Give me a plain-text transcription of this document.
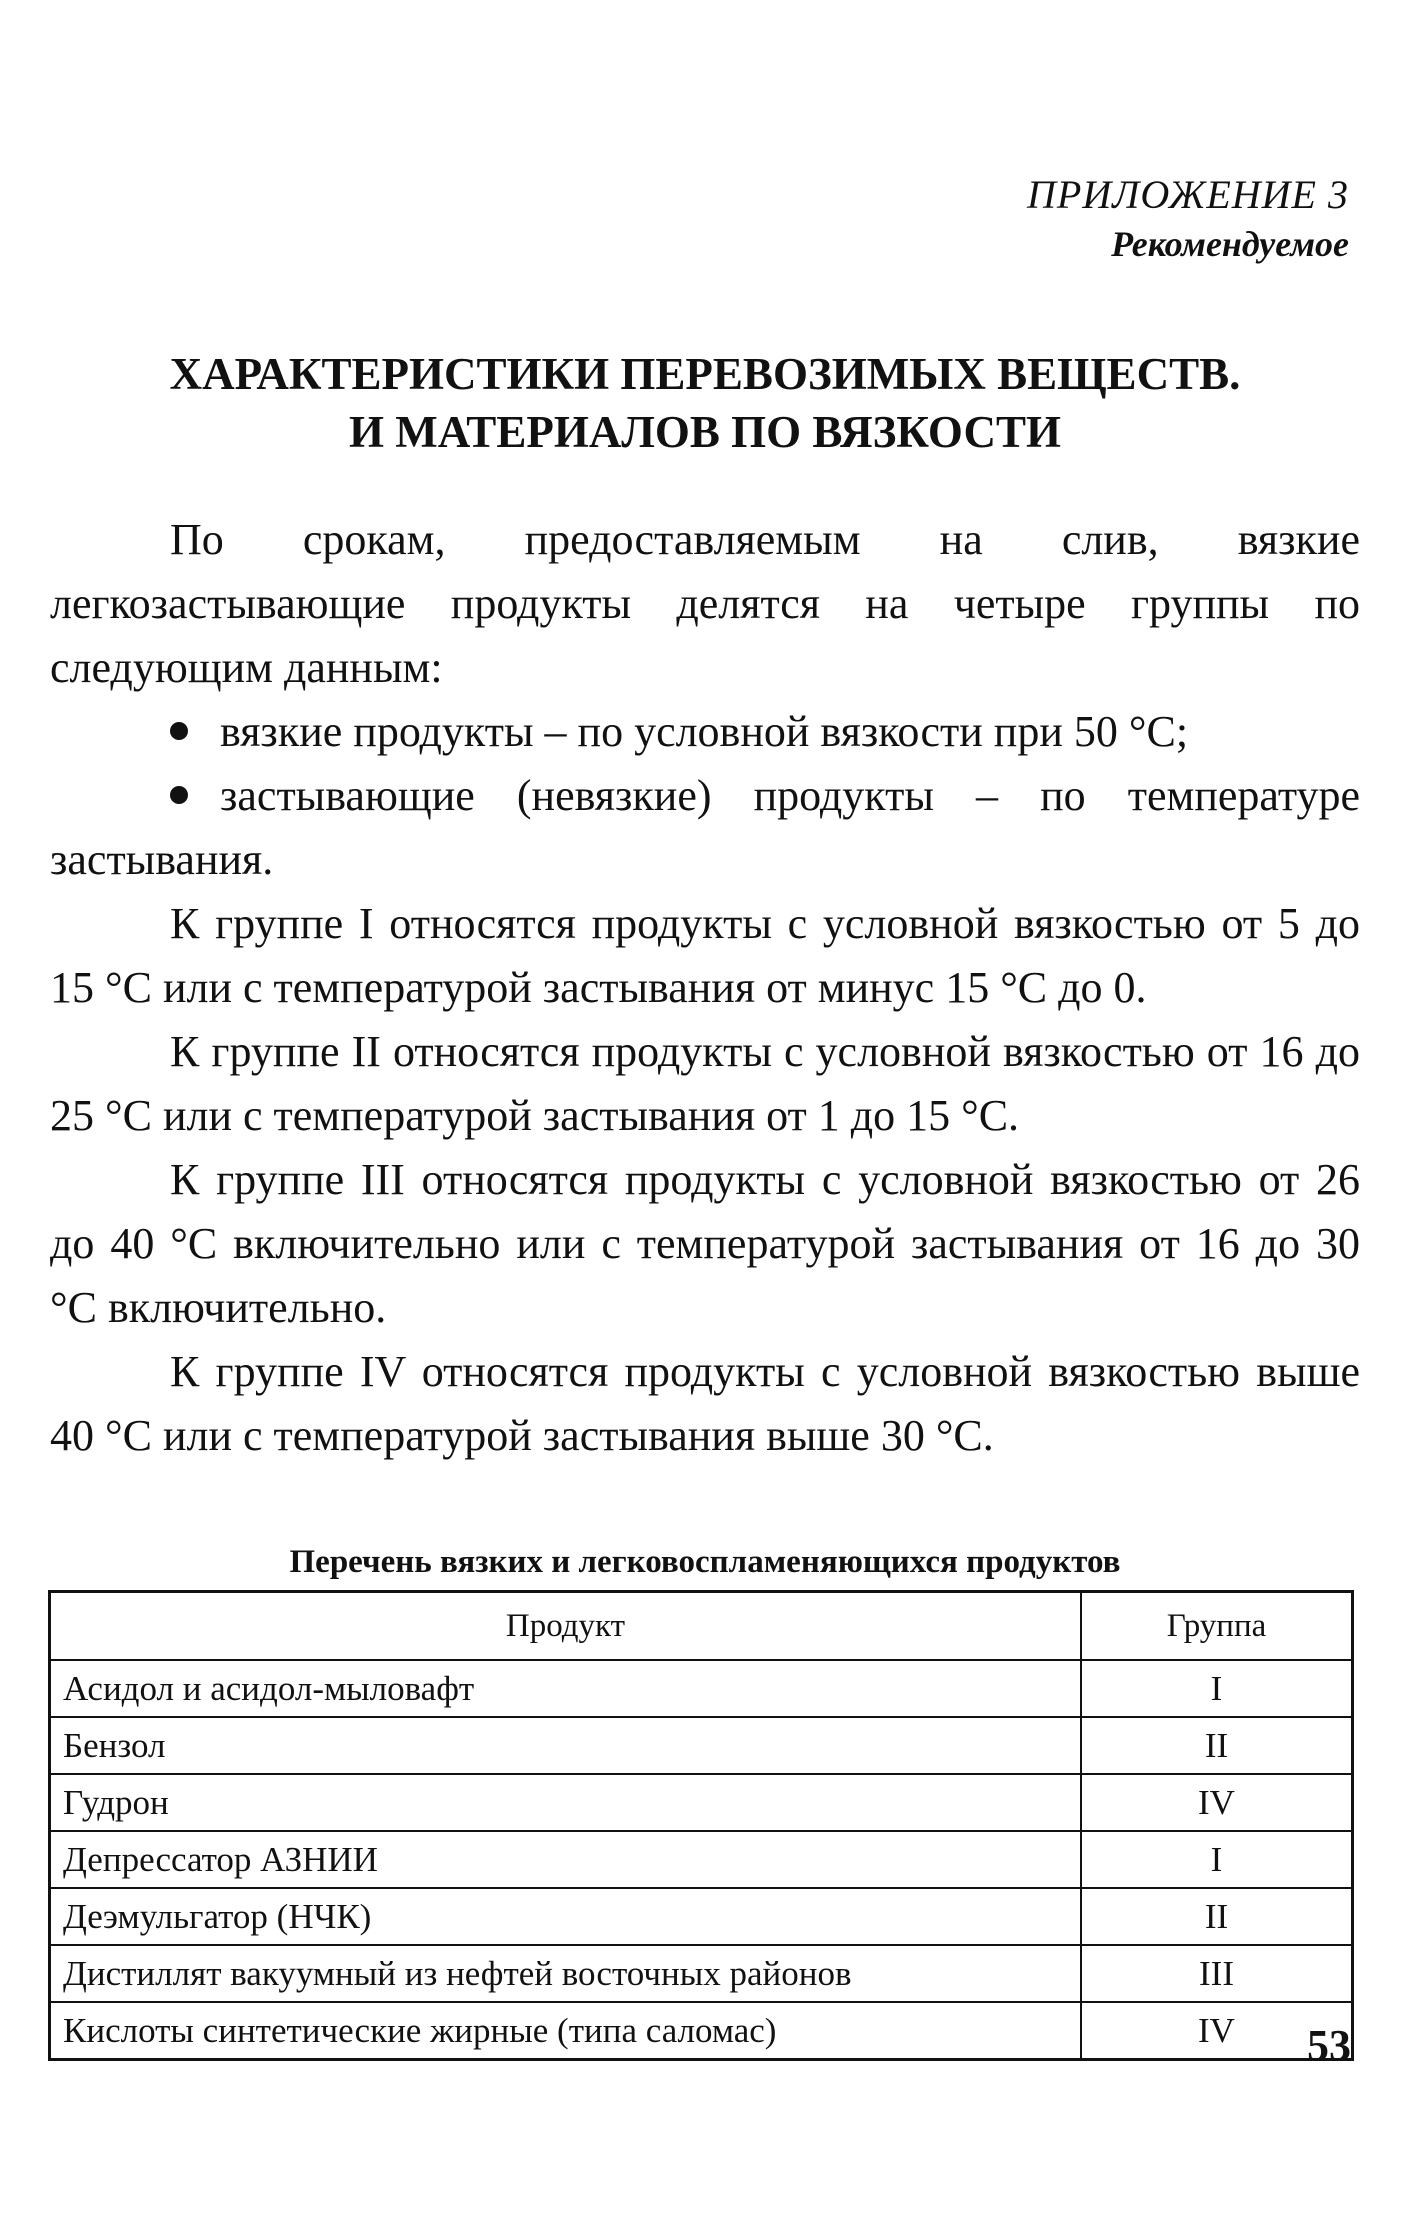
ПРИЛОЖЕНИЕ 3
Рекомендуемое
ХАРАКТЕРИСТИКИ ПЕРЕВОЗИМЫХ ВЕЩЕСТВ.
И МАТЕРИАЛОВ ПО ВЯЗКОСТИ

По срокам, предоставляемым на слив, вязкие легкозастывающие продукты делятся на четыре группы по следующим данным:

вязкие продукты – по условной вязкости при 50 °С;
застывающие (невязкие) продукты – по температуре застывания.

К группе I относятся продукты с условной вязкостью от 5 до 15 °С или с температурой застывания от минус 15 °С до 0.

К группе II относятся продукты с условной вязкостью от 16 до 25 °С или с температурой застывания от 1 до 15 °С.

К группе III относятся продукты с условной вязкостью от 26 до 40 °С включительно или с температурой застывания от 16 до 30 °С включительно.

К группе IV относятся продукты с условной вязкостью выше 40 °С или с температурой застывания выше 30 °С.

Перечень вязких и легковоспламеняющихся продуктов
Продукт	Группа
Асидол и асидол-мыловафт	I
Бензол	II
Гудрон	IV
Депрессатор АЗНИИ	I
Деэмульгатор (НЧК)	II
Дистиллят вакуумный из нефтей восточных районов	III
Кислоты синтетические жирные (типа саломас)	IV 53
